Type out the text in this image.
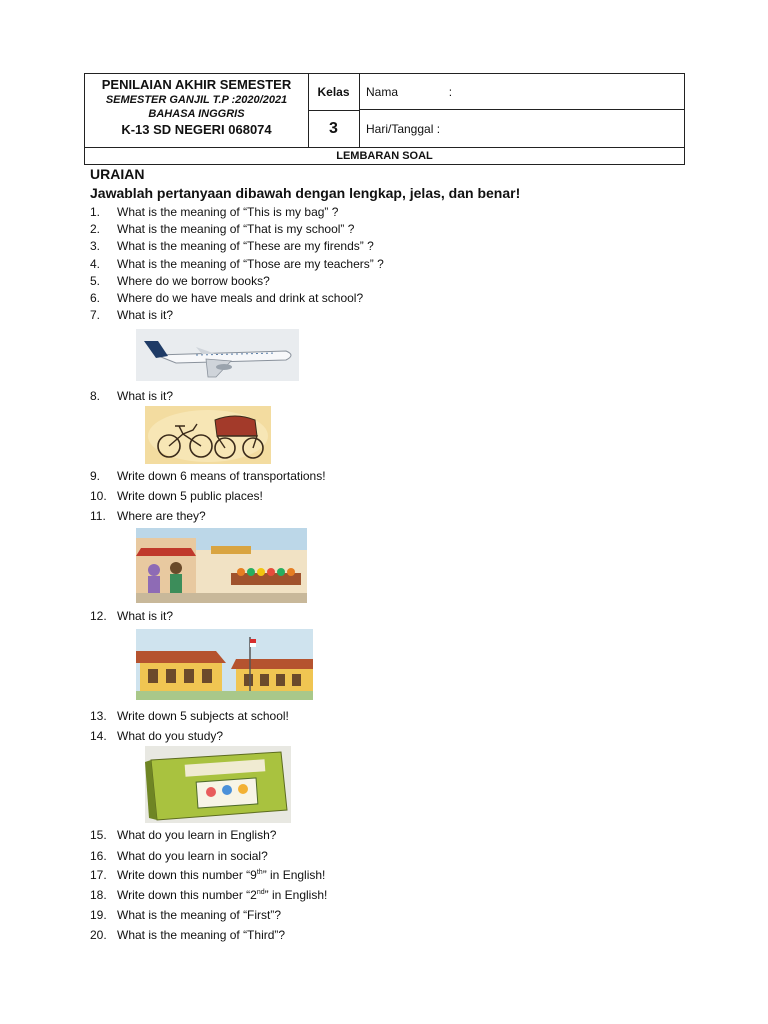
PENILAIAN AKHIR SEMESTER
SEMESTER GANJIL T.P :2020/2021
BAHASA INGGRIS
K-13 SD NEGERI 068074
Kelas
3
Nama	:
Hari/Tanggal :
LEMBARAN SOAL
URAIAN
Jawablah pertanyaan dibawah dengan lengkap, jelas, dan benar!
1. What is the meaning of “This is my bag” ?
2. What is the meaning of “That is my school” ?
3. What is the meaning of “These are my firends” ?
4. What is the meaning of “Those are my teachers” ?
5. Where do we borrow books?
6. Where do we have meals and drink at school?
7. What is it?
8. What is it?
9. Write down 6 means of transportations!
10. Write down 5 public places!
11. Where are they?
12. What is it?
13. Write down 5 subjects at school!
14. What do you study?
15. What do you learn in English?
16. What do you learn in social?
17. Write down this number “9th” in English!
18. Write down this number “2nd” in English!
19. What is the meaning of “First”?
20. What is the meaning of “Third”?
